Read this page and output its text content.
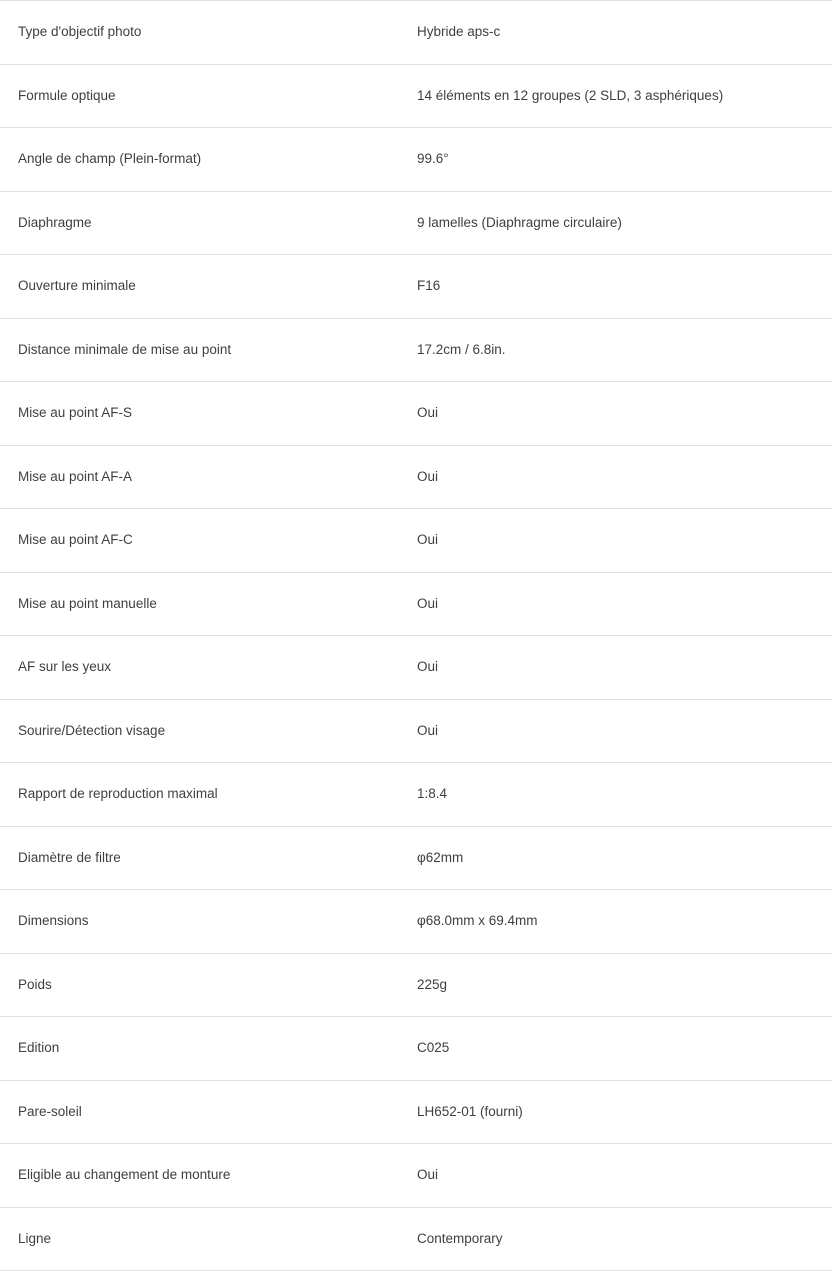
Type d'objectif photo	Hybride aps-c
Formule optique	14 éléments en 12 groupes (2 SLD, 3 asphériques)
Angle de champ (Plein-format)	99.6°
Diaphragme	9 lamelles (Diaphragme circulaire)
Ouverture minimale	F16
Distance minimale de mise au point	17.2cm / 6.8in.
Mise au point AF-S	Oui
Mise au point AF-A	Oui
Mise au point AF-C	Oui
Mise au point manuelle	Oui
AF sur les yeux	Oui
Sourire/Détection visage	Oui
Rapport de reproduction maximal	1:8.4
Diamètre de filtre	φ62mm
Dimensions	φ68.0mm x 69.4mm
Poids	225g
Edition	C025
Pare-soleil	LH652-01 (fourni)
Eligible au changement de monture	Oui
Ligne	Contemporary
